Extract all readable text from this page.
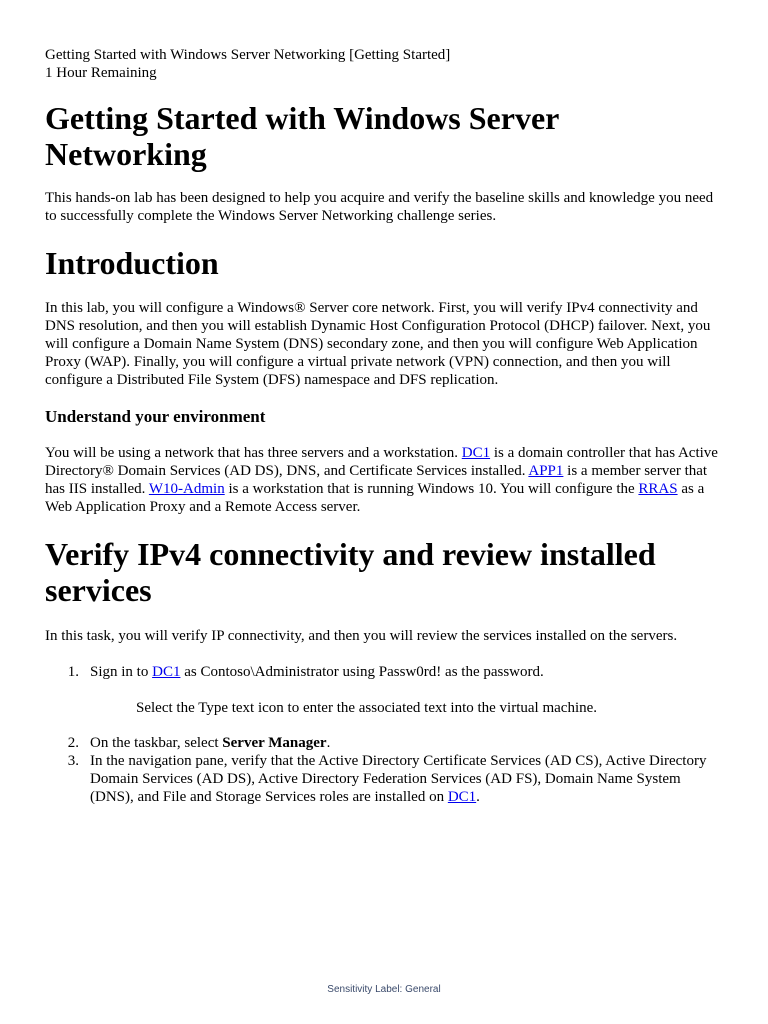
Getting Started with Windows Server Networking [Getting Started]
1 Hour Remaining
Getting Started with Windows Server Networking

This hands-on lab has been designed to help you acquire and verify the baseline skills and knowledge you need to successfully complete the Windows Server Networking challenge series.

Introduction

In this lab, you will configure a Windows® Server core network. First, you will verify IPv4 connectivity and DNS resolution, and then you will establish Dynamic Host Configuration Protocol (DHCP) failover. Next, you will configure a Domain Name System (DNS) secondary zone, and then you will configure Web Application Proxy (WAP). Finally, you will configure a virtual private network (VPN) connection, and then you will configure a Distributed File System (DFS) namespace and DFS replication.

Understand your environment

You will be using a network that has three servers and a workstation. DC1 is a domain controller that has Active Directory® Domain Services (AD DS), DNS, and Certificate Services installed. APP1 is a member server that has IIS installed. W10-Admin is a workstation that is running Windows 10. You will configure the RRAS as a Web Application Proxy and a Remote Access server.

Verify IPv4 connectivity and review installed services

In this task, you will verify IP connectivity, and then you will review the services installed on the servers.

1. Sign in to DC1 as Contoso\Administrator using Passw0rd! as the password.
Select the Type text icon to enter the associated text into the virtual machine.
2. On the taskbar, select Server Manager.
3. In the navigation pane, verify that the Active Directory Certificate Services (AD CS), Active Directory Domain Services (AD DS), Active Directory Federation Services (AD FS), Domain Name System (DNS), and File and Storage Services roles are installed on DC1.
Sensitivity Label: General
